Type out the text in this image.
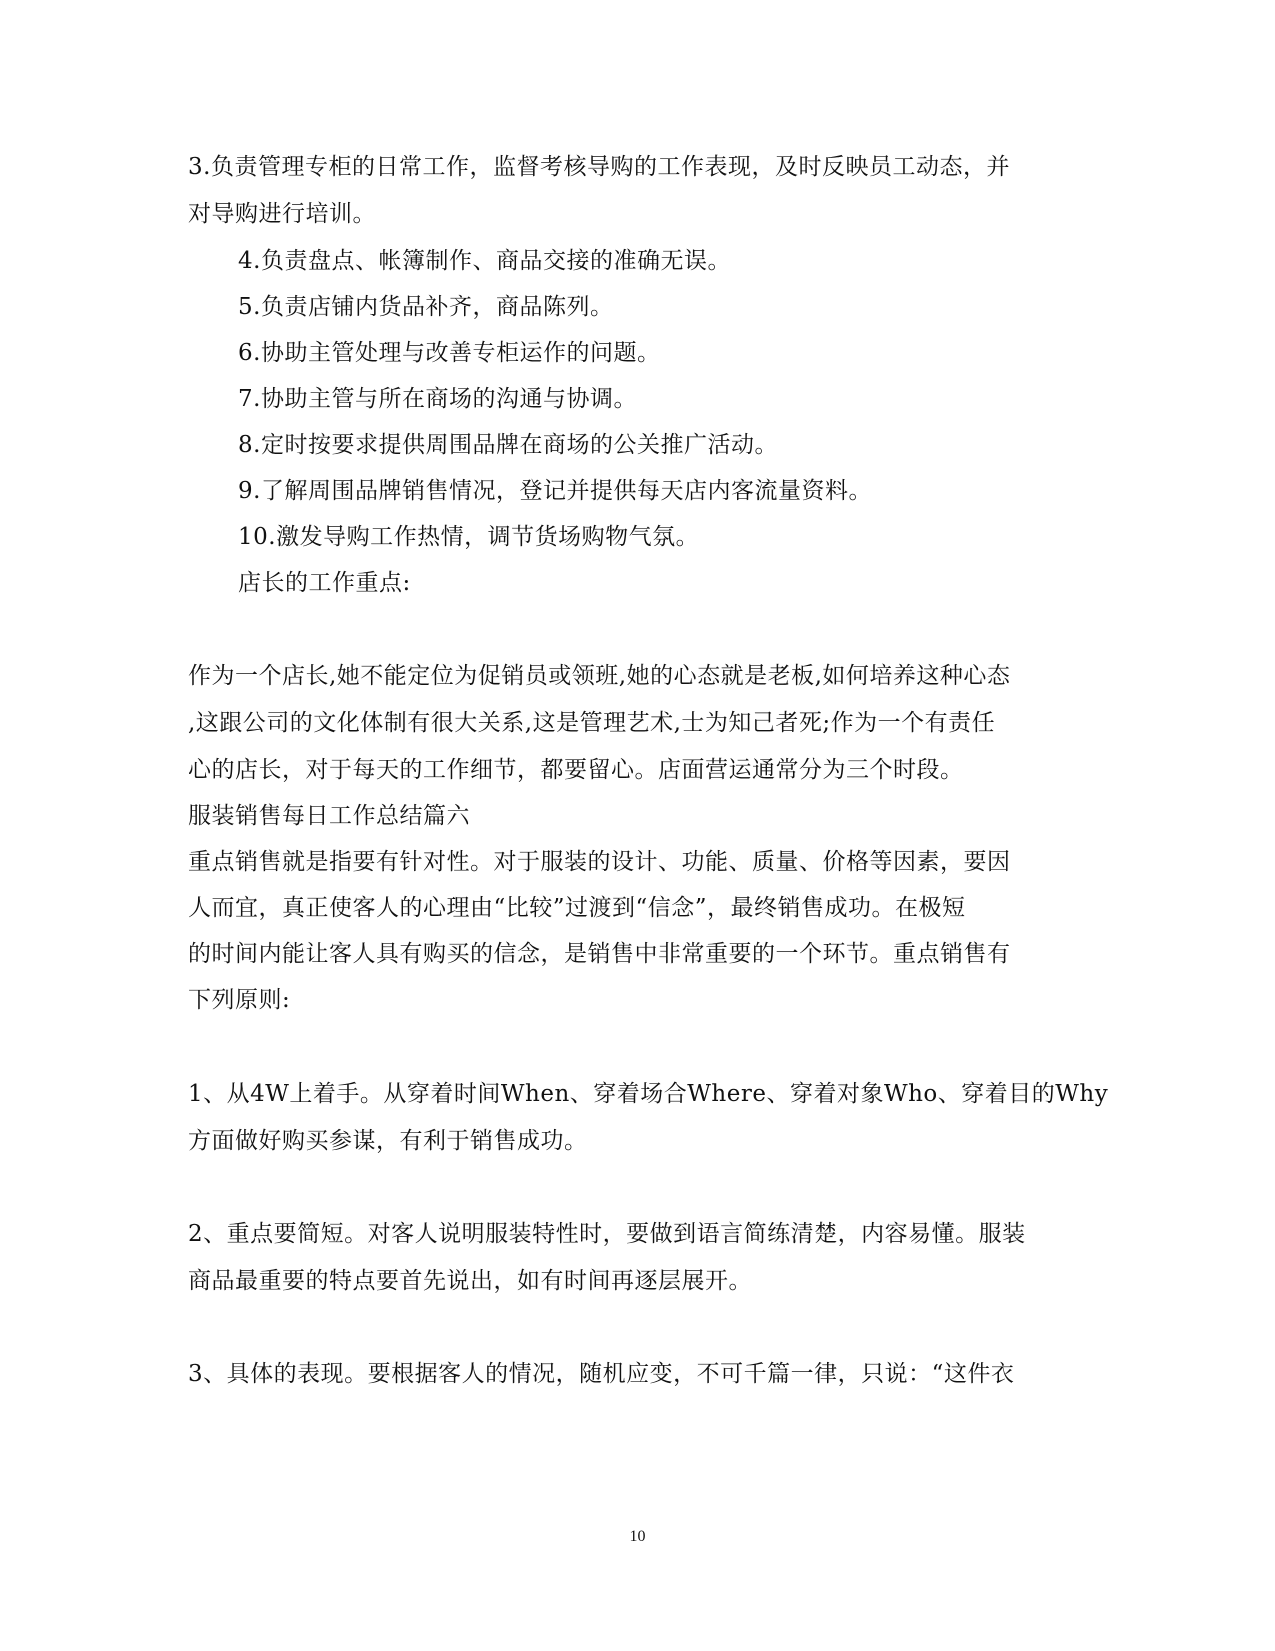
3.负责管理专柜的日常工作，监督考核导购的工作表现，及时反映员工动态，并
对导购进行培训。
4.负责盘点、帐簿制作、商品交接的准确无误。
5.负责店铺内货品补齐，商品陈列。
6.协助主管处理与改善专柜运作的问题。
7.协助主管与所在商场的沟通与协调。
8.定时按要求提供周围品牌在商场的公关推广活动。
9.了解周围品牌销售情况，登记并提供每天店内客流量资料。
10.激发导购工作热情，调节货场购物气氛。
店长的工作重点:
作为一个店长,她不能定位为促销员或领班,她的心态就是老板,如何培养这种心态
,这跟公司的文化体制有很大关系,这是管理艺术,士为知己者死;作为一个有责任
心的店长，对于每天的工作细节，都要留心。店面营运通常分为三个时段。
服装销售每日工作总结篇六
重点销售就是指要有针对性。对于服装的设计、功能、质量、价格等因素，要因
人而宜，真正使客人的心理由“比较”过渡到“信念”，最终销售成功。在极短
的时间内能让客人具有购买的信念，是销售中非常重要的一个环节。重点销售有
下列原则:
1、从4W上着手。从穿着时间When、穿着场合Where、穿着对象Who、穿着目的Why
方面做好购买参谋，有利于销售成功。
2、重点要简短。对客人说明服装特性时，要做到语言简练清楚，内容易懂。服装
商品最重要的特点要首先说出，如有时间再逐层展开。
3、具体的表现。要根据客人的情况，随机应变，不可千篇一律，只说：“这件衣
10
